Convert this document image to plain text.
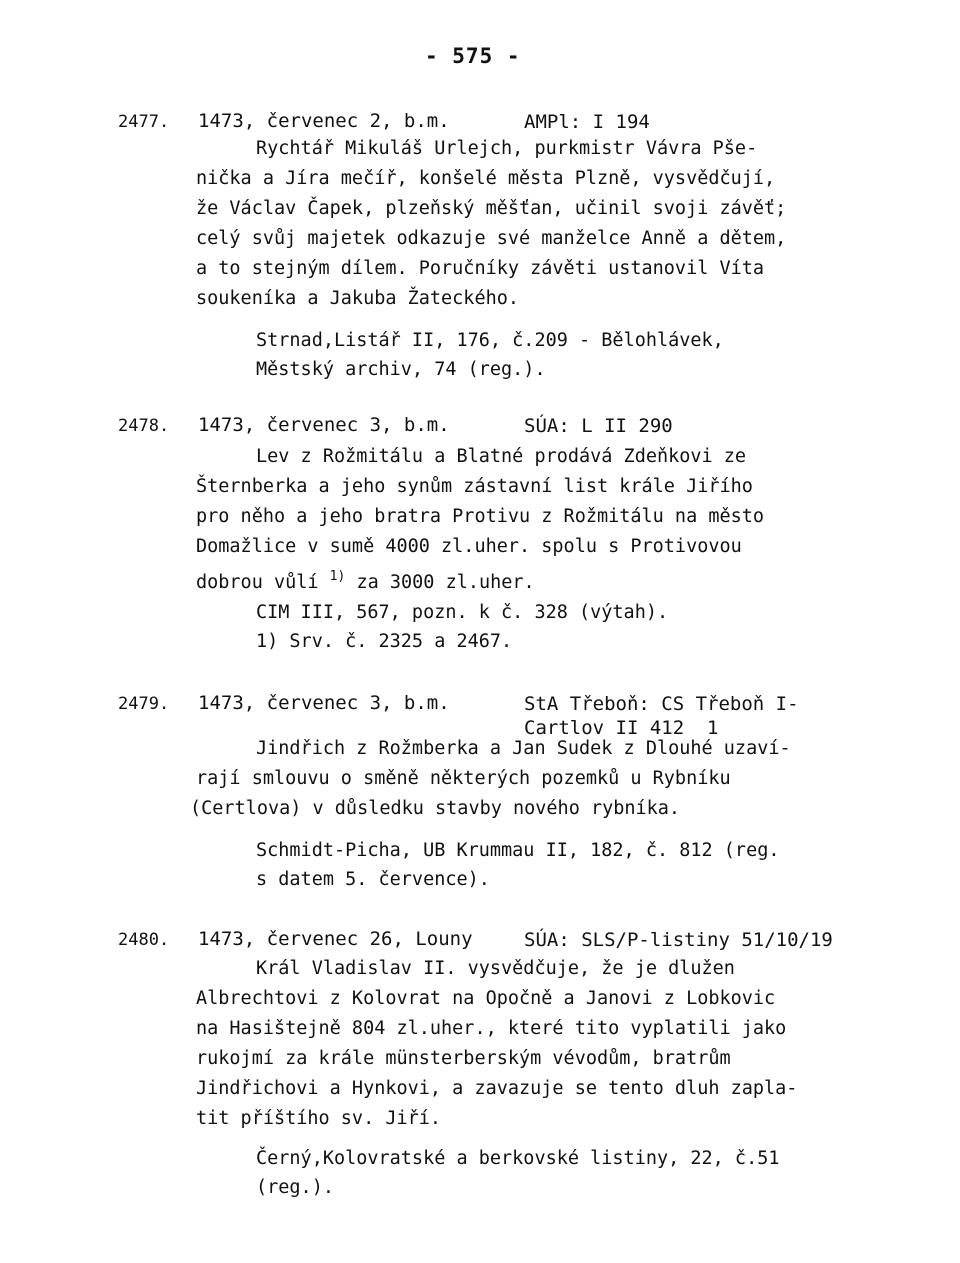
- 575 -
2477. 1473, červenec 2, b.m.	AMPl: I 194
Rychtář Mikuláš Urlejch, purkmistr Vávra Pše-
nička a Jíra mečíř, konšelé města Plzně, vysvědčují,
že Václav Čapek, plzeňský měšťan, učinil svoji závěť;
celý svůj majetek odkazuje své manželce Anně a dětem,
a to stejným dílem. Poručníky závěti ustanovil Víta
soukeníka a Jakuba Žateckého.
Strnad,Listář II, 176, č.209 - Bělohlávek,
Městský archiv, 74 (reg.).
2478. 1473, červenec 3, b.m.	SÚA: L II 290
Lev z Rožmitálu a Blatné prodává Zdeňkovi ze
Šternberka a jeho synům zástavní list krále Jiřího
pro něho a jeho bratra Protivu z Rožmitálu na město
Domažlice v sumě 4000 zl.uher. spolu s Protivovou
dobrou vůlí $^{1)}$ za 3000 zl.uher.
CIM III, 567, pozn. k č. 328 (výtah).
1) Srv. č. 2325 a 2467.
2479. 1473, červenec 3, b.m.	StA Třeboň: CS Třeboň I-
Cartlov II 412  1
Jindřich z Rožmberka a Jan Sudek z Dlouhé uzaví-
rají smlouvu o směně některých pozemků u Rybníku
(Certlova) v důsledku stavby nového rybníka.
Schmidt-Picha, UB Krummau II, 182, č. 812 (reg.
s datem 5. července).
2480. 1473, červenec 26, Louny	SÚA: SLS/P-listiny 51/10/19
Král Vladislav II. vysvědčuje, že je dlužen
Albrechtovi z Kolovrat na Opočně a Janovi z Lobkovic
na Hasištejně 804 zl.uher., které tito vyplatili jako
rukojmí za krále münsterberským vévodům, bratrům
Jindřichovi a Hynkovi, a zavazuje se tento dluh zapla-
tit příštího sv. Jiří.
Černý,Kolovratské a berkovské listiny, 22, č.51
(reg.).
